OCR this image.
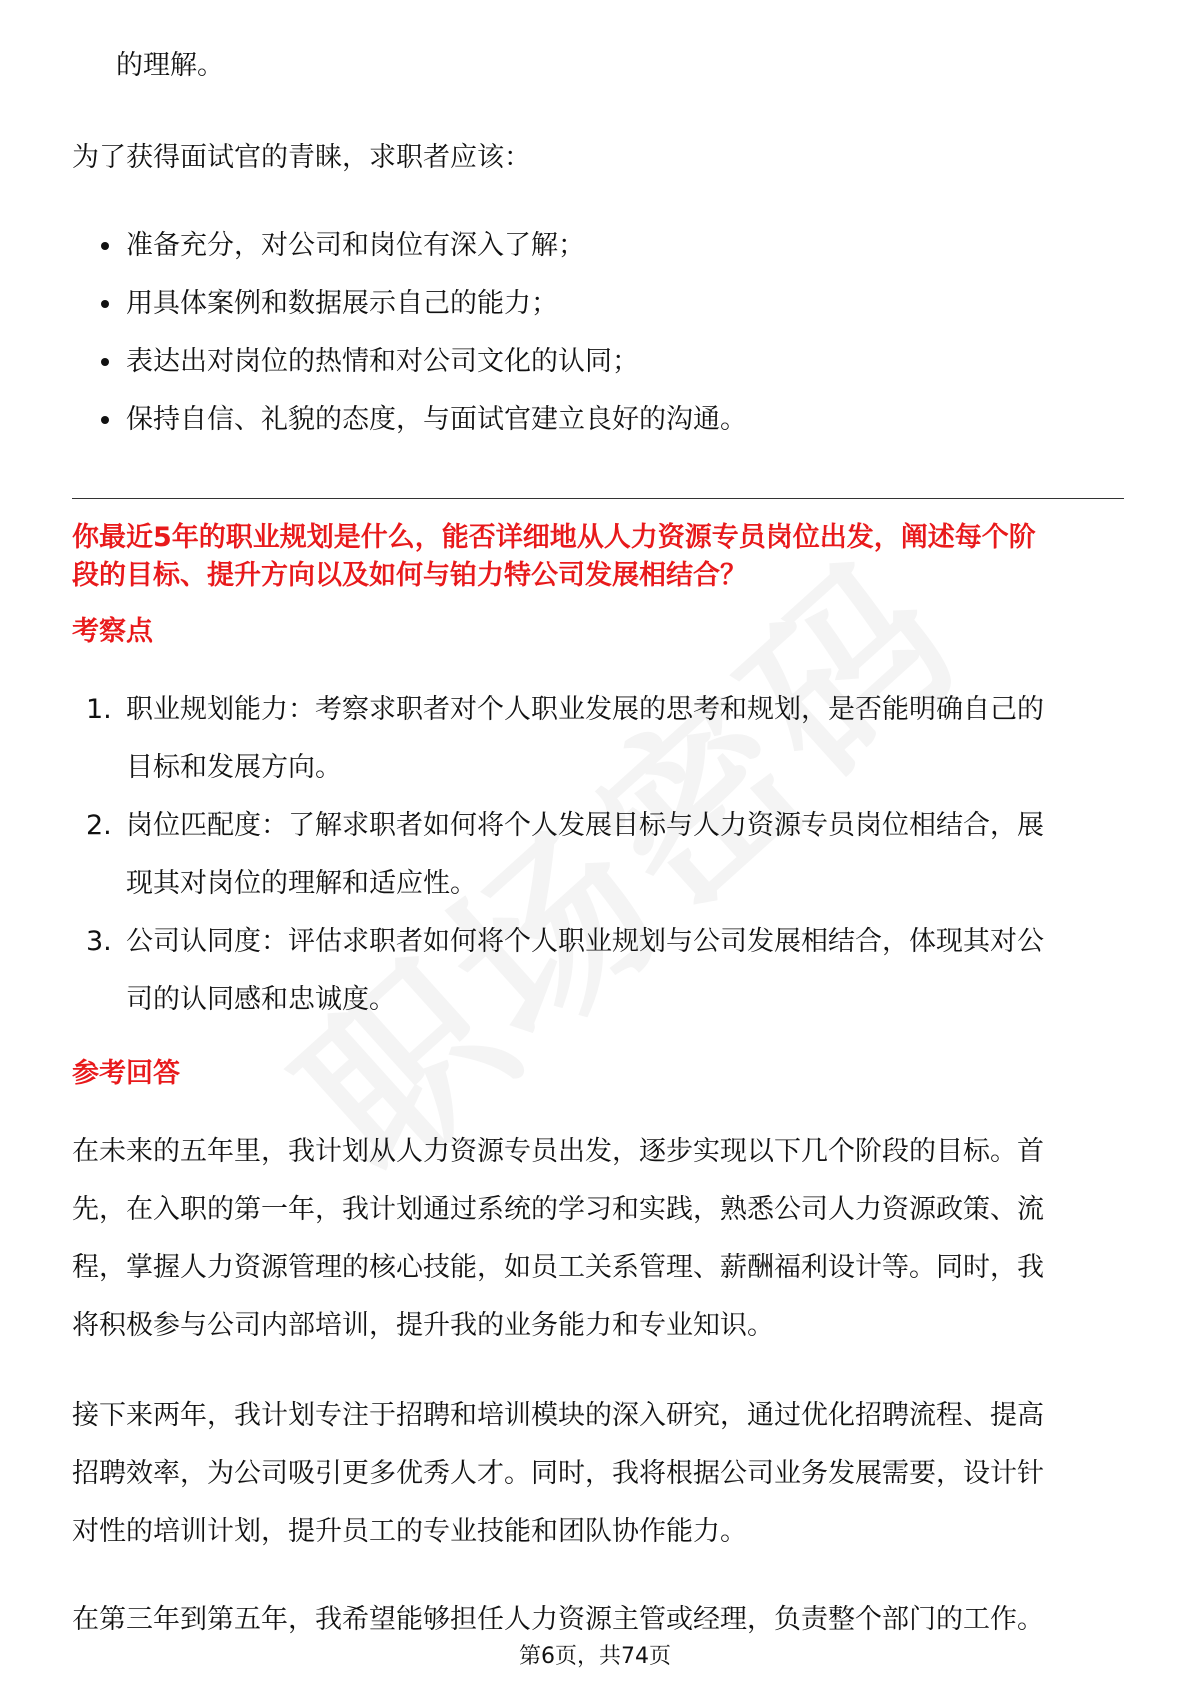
的理解。
为了获得面试官的青睐，求职者应该：
准备充分，对公司和岗位有深入了解；
用具体案例和数据展示自己的能力；
表达出对岗位的热情和对公司文化的认同；
保持自信、礼貌的态度，与面试官建立良好的沟通。
你最近5年的职业规划是什么，能否详细地从人力资源专员岗位出发，阐述每个阶
段的目标、提升方向以及如何与铂力特公司发展相结合？
考察点
1. 职业规划能力：考察求职者对个人职业发展的思考和规划，是否能明确自己的
目标和发展方向。
2. 岗位匹配度：了解求职者如何将个人发展目标与人力资源专员岗位相结合，展
现其对岗位的理解和适应性。
3. 公司认同度：评估求职者如何将个人职业规划与公司发展相结合，体现其对公
司的认同感和忠诚度。
参考回答
在未来的五年里，我计划从人力资源专员出发，逐步实现以下几个阶段的目标。首
先，在入职的第一年，我计划通过系统的学习和实践，熟悉公司人力资源政策、流
程，掌握人力资源管理的核心技能，如员工关系管理、薪酬福利设计等。同时，我
将积极参与公司内部培训，提升我的业务能力和专业知识。
接下来两年，我计划专注于招聘和培训模块的深入研究，通过优化招聘流程、提高
招聘效率，为公司吸引更多优秀人才。同时，我将根据公司业务发展需要，设计针
对性的培训计划，提升员工的专业技能和团队协作能力。
在第三年到第五年，我希望能够担任人力资源主管或经理，负责整个部门的工作。
第6页，共74页
